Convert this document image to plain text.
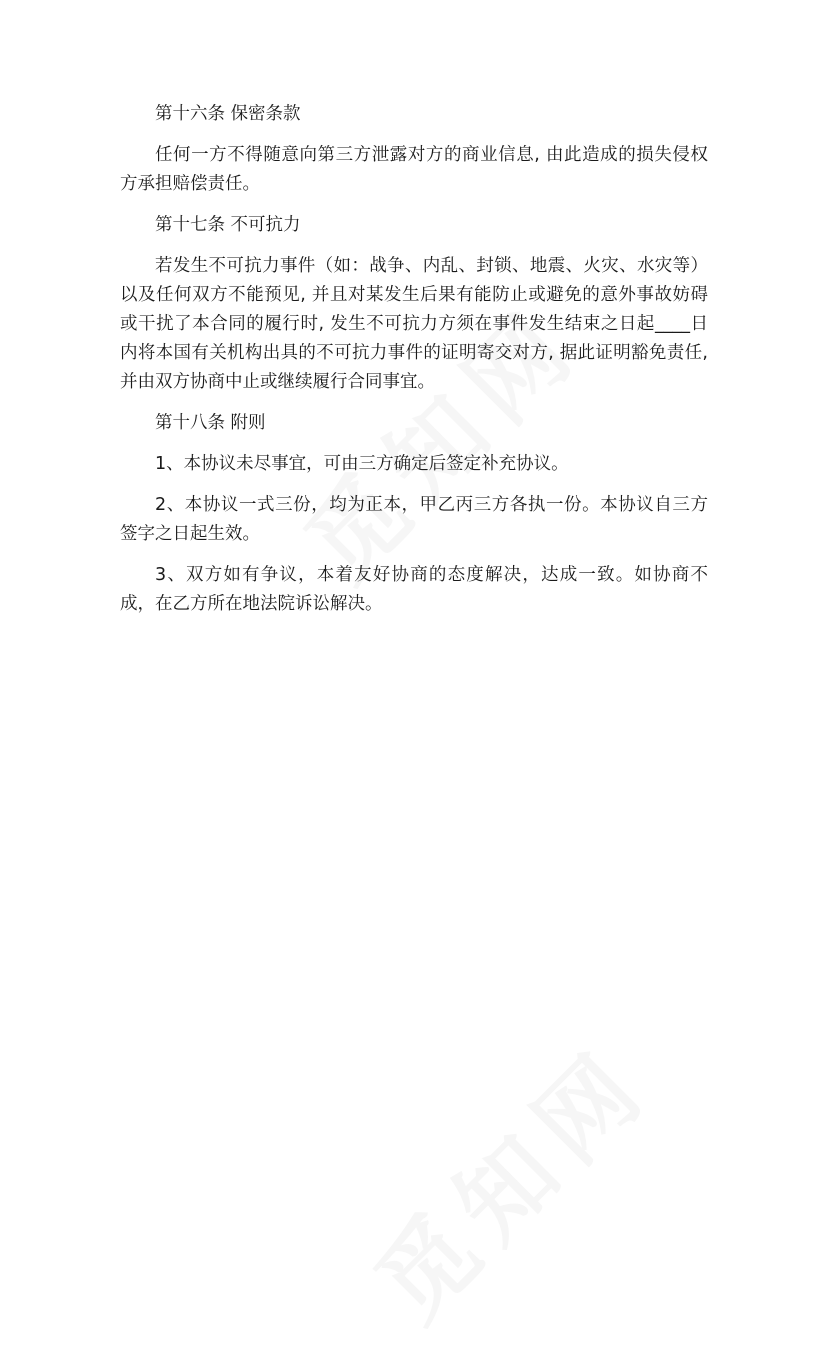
第十六条 保密条款

任何一方不得随意向第三方泄露对方的商业信息, 由此造成的损失侵权方承担赔偿责任。

第十七条 不可抗力

若发生不可抗力事件（如：战争、内乱、封锁、地震、火灾、水灾等）以及任何双方不能预见, 并且对某发生后果有能防止或避免的意外事故妨碍或干扰了本合同的履行时, 发生不可抗力方须在事件发生结束之日起____日内将本国有关机构出具的不可抗力事件的证明寄交对方, 据此证明豁免责任, 并由双方协商中止或继续履行合同事宜。

第十八条 附则

1、本协议未尽事宜，可由三方确定后签定补充协议。

2、本协议一式三份，均为正本，甲乙丙三方各执一份。本协议自三方签字之日起生效。

3、双方如有争议，本着友好协商的态度解决，达成一致。如协商不成，在乙方所在地法院诉讼解决。
